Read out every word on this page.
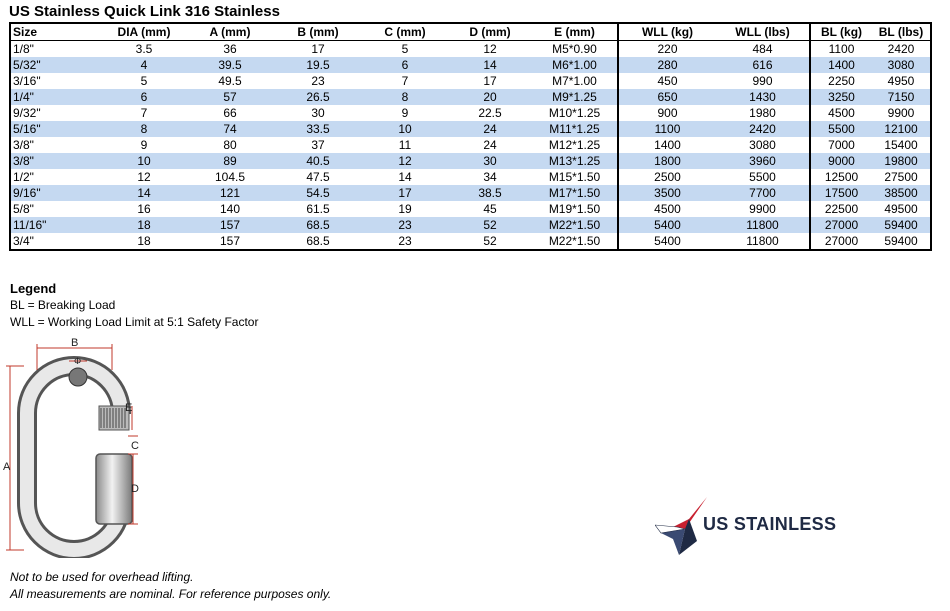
US Stainless Quick Link 316 Stainless
Size	DIA (mm)	A (mm)	B (mm)	C (mm)	D (mm)	E (mm)	WLL (kg)	WLL (lbs)	BL (kg)	BL (lbs)
1/8"	3.5	36	17	5	12	M5*0.90	220	484	1100	2420
5/32"	4	39.5	19.5	6	14	M6*1.00	280	616	1400	3080
3/16"	5	49.5	23	7	17	M7*1.00	450	990	2250	4950
1/4"	6	57	26.5	8	20	M9*1.25	650	1430	3250	7150
9/32"	7	66	30	9	22.5	M10*1.25	900	1980	4500	9900
5/16"	8	74	33.5	10	24	M11*1.25	1100	2420	5500	12100
3/8"	9	80	37	11	24	M12*1.25	1400	3080	7000	15400
3/8"	10	89	40.5	12	30	M13*1.25	1800	3960	9000	19800
1/2"	12	104.5	47.5	14	34	M15*1.50	2500	5500	12500	27500
9/16"	14	121	54.5	17	38.5	M17*1.50	3500	7700	17500	38500
5/8"	16	140	61.5	19	45	M19*1.50	4500	9900	22500	49500
11/16"	18	157	68.5	23	52	M22*1.50	5400	11800	27000	59400
3/4"	18	157	68.5	23	52	M22*1.50	5400	11800	27000	59400
Legend
BL = Breaking Load
WLL = Working Load Limit at 5:1 Safety Factor
A
B
Φ
E
C
D
US STAINLESS
Not to be used for overhead lifting.
All measurements are nominal. For reference purposes only.
